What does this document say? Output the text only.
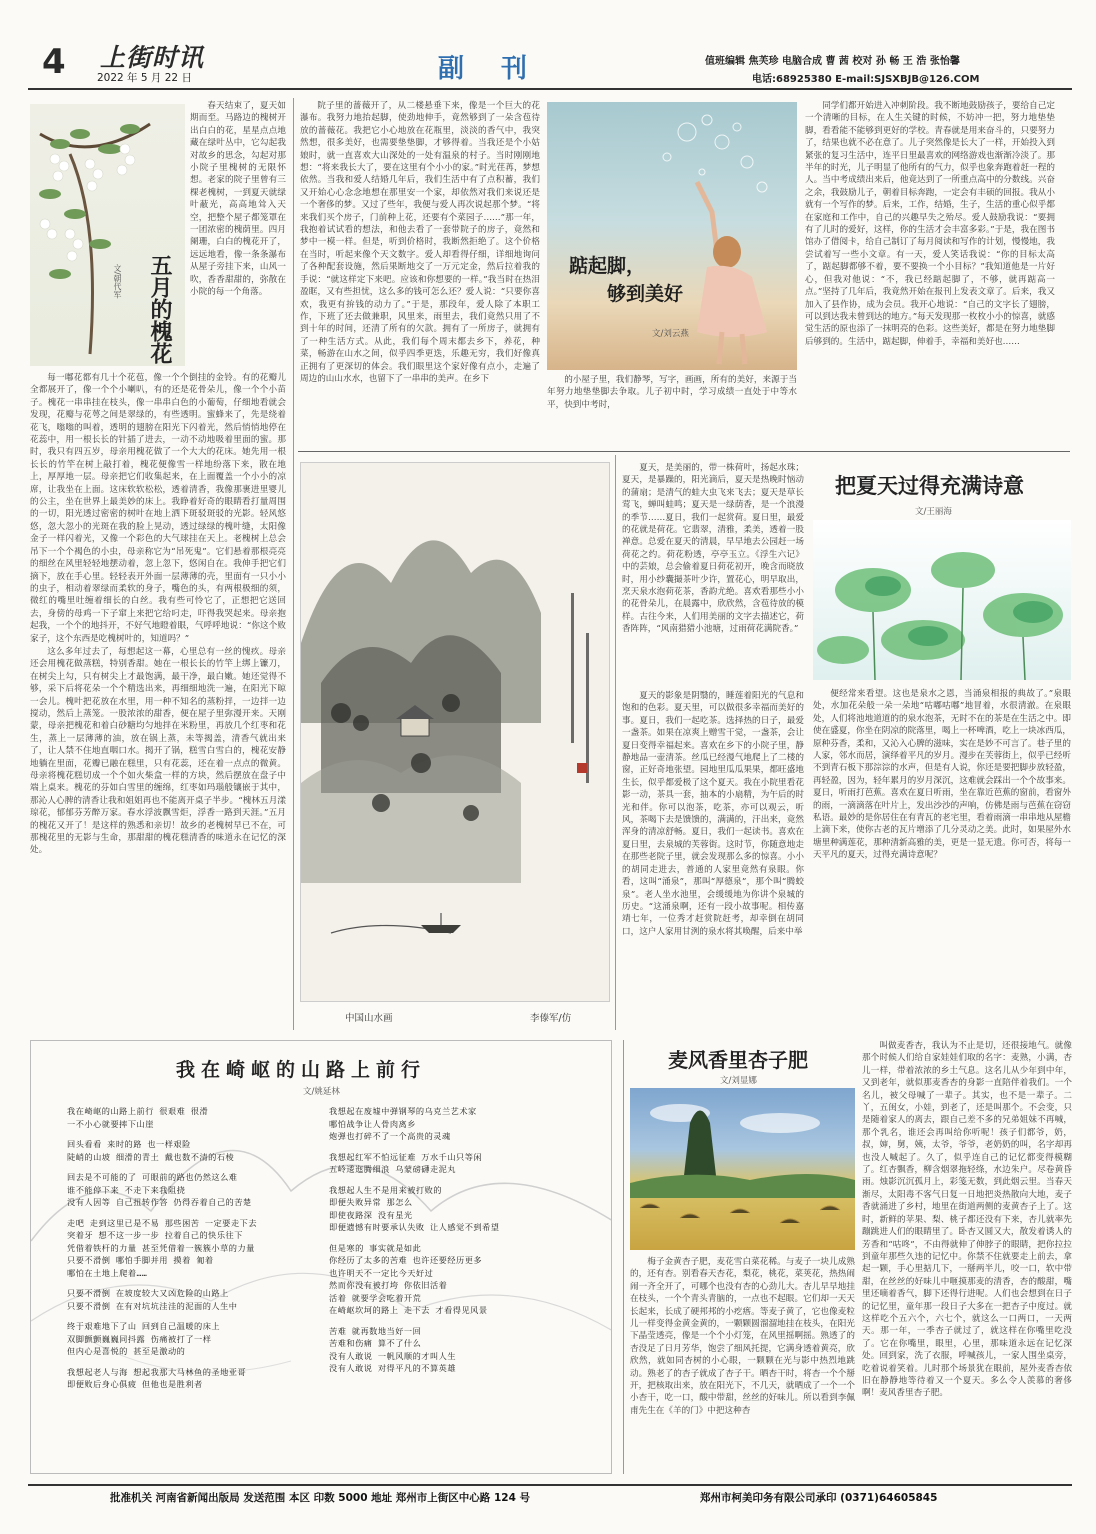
4 上街时讯
2022 年 5 月 22 日	副 刊	值班编辑 焦芙珍 电脑合成 曹 茜 校对 孙 畅 王 浩 张怡馨
电话:68925380 E-mail:SJSXBJB@126.COM
五月的槐花
文/朝代军

春天结束了，夏天如期而至。马路边的槐树开出白白的花，星星点点地藏在绿叶丛中，它勾起我对故乡的思念，勾起对那小院子里槐树的无限怀想。老家的院子里曾有三棵老槐树，一到夏天就绿叶蔽光，高高地耸入天空，把整个屋子都笼罩在一团浓密的槐荫里。四月阑珊，白白的槐花开了，远远地看，像一条条瀑布从屋子旁挂下来，山风一吹，香香甜甜的，弥散在小院的每一个角落。

每一嘟花都有几十个花苞，像一个个倒挂的金铃。有的花瓣儿全都展开了，像一个个小喇叭，有的还是花骨朵儿，像一个个小苗子。槐花一串串挂在枝头，像一串串白色的小葡萄，仔细地看就会发现，花瓣与花萼之间是翠绿的，有些透明。蜜蜂来了，先是绕着花飞，嗡嗡的叫着，透明的翅膀在阳光下闪着光，然后悄悄地停在花蕊中，用一根长长的针插了进去，一动不动地吸着里面的蜜。那时，我只有四五岁，母亲用槐花做了一个大大的花床。她先用一根长长的竹竿在树上敲打着，槐花便像雪一样地纷落下来，散在地上，厚厚地一层。母亲把它们收集起来，在上面覆盖一个小小的凉席，让我坐在上面。这床软软松松，透着清香，我像那裹进里婴儿的公主，坐在世界上最美妙的床上。我睁着好奇的眼睛看打量周围的一切，阳光透过密密的树叶在地上洒下斑驳斑驳的光影。轻风悠悠，忽大忽小的光斑在我的脸上晃动，透过绿绿的槐叶缝，太阳像金子一样闪着光，又像一个彩色的大气球挂在天上。老槐树上总会吊下一个个褐色的小虫，母亲称它为“吊死鬼”。它们悬着那根亮亮的细丝在风里轻轻地摆动着，忽上忽下，悠闲自在。我伸手把它们摘下，放在手心里。轻轻表开外面一层薄薄的壳，里面有一只小小的虫子，相动着翠绿而柔软的身子，嘴色的头，有两根极细的须，微红的嘴里吐缠着细长的白丝。我有些可怜它了，正想把它送回去，身傍的母鸡一下子窜上来把它给叼走，吓得我哭起来。母亲抱起我，一个个的地抖开，不好气地瞪着眼，气呼呼地说：“你这个败家子，这个东西是吃槐树叶的，知道吗？”

这么多年过去了，每想起这一幕，心里总有一丝的愧疚。母亲还会用槐花做蒸糕，特别香甜。她在一根长长的竹竿上绑上镰刀，在树尖上勾，只有树尖上才最饱满，最干净，最白嫩。她还觉得不够，采下后将花朵一个个精选出来，再细细地洗一遍，在阳光下晾一会儿。槐叶把花放在水里，用一种不知名的蒸粉拌，一边拌一边搅动，然后上蒸笼。一股浓浓的甜香，便在屋子里弥漫开来。天刚蒙，母亲把槐花和着白砂糖均匀地拌在米粉里，再放几个红枣和花生，蒸上一层薄薄的油，放在锅上蒸，未等揭盖，清香气就出来了，让人禁不住地直咽口水。揭开了锅，糕雪白雪白的，槐花安静地躺在里面，花瓣已融在糕里，只有花蕊，还在着一点点的微黄。母亲将槐花糕切成一个个如火柴盒一样的方块，然后摆放在盘子中端上桌来。槐花的芬如白雪里的缠绵，红枣如玛瑙般镶嵌于其中，那沁人心脾的清香让我和姐姐再也不能离开桌子半步。“槐林五月漾琼花，郁郁芬芳醉万家。春水浮波飘雪炬，浮香一路到天涯。”五月的槐花又开了！是这样的熟悉和亲切！故乡的老槐树早已不在，可那槐花里的无影与生命，那甜甜的槐花糕清香的味道永在记忆的深处。

院子里的蔷薇开了，从二楼悬垂下来，像是一个巨大的花瀑布。我努力地抬起脚，使劲地伸手，竟然够到了一朵含苞待放的蔷薇花。我把它小心地放在花瓶里，淡淡的香气中，我突然想，很多美好，也需要垫垫脚，才够得着。当我还是个小姑娘时，就一直喜欢大山深处的一处有温泉的村子。当时刚刚地想：“将来我长大了，要在这里有个小小的家。”时光荏苒，梦想依然。当我和爱人结婚几年后，我们生活中有了点积蓄，我们又开始心心念念地想在那里安一个家，却依然对我们来说还是一个奢侈的梦。又过了些年，我便与爱人再次说起那个梦。“将来我们买个房子，门前种上花，还要有个菜园子……”那一年，我抱着试试看的想法，和他去看了一套带院子的房子，竟然和梦中一模一样。但是，听到价格时，我断然拒绝了。这个价格在当时，听起来像个天文数字。爱人却看得仔细，详细地询问了各种配套设施，然后果断地交了一万元定金，然后拉着我的手说：“就这样定下来吧。应该和你想要的一样。”我当时在热泪盈眶，又有些担忧，这么多的钱可怎么还？爱人说：“只要你喜欢，我更有拚钱的动力了。”于是，那段年，爱人除了本职工作，下班了还去做兼职，风里来，雨里去，我们竟然只用了不到十年的时间，还清了所有的欠款。拥有了一所房子，就拥有了一种生活方式。从此，我们每个周末都去乡下，养花，种菜，畅游在山水之间，似乎四季更迭，乐趣无穷，我们好像真正拥有了更深切的体会。我们眼里这个家好像有点小，走遍了周边的山山水水，也留下了一串串的美声。在乡下

踮起脚，
够到美好
文/刘云燕

的小屋子里，我们静琴，写字，画画，所有的美好，来源于当年努力地垫垫脚去争取。儿子初中时，学习成绩一直处于中等水平，快到中考时，

同学们都开始进入冲刺阶段。我不断地鼓励孩子，要给自己定一个清晰的目标，在人生关键的时候，不妨冲一把，努力地垫垫脚，看看能不能够到更好的学校。青春就是用来奋斗的，只要努力了，结果也就不必在意了。儿子突然像是长大了一样，开始投入到紧张的复习生活中，连平日里最喜欢的网络游戏也渐渐冷淡了。那半年的时光，儿子明显了他所有的气力，似乎也象奔跑着赶一程的人。当中考成绩出来后，他竟达到了一所重点高中的分数线。兴奋之余，我鼓励儿子，朝着目标奔跑，一定会有丰硕的回报。我从小就有一个写作的梦。后来，工作，结婚，生子，生活的重心似乎都在家庭和工作中，自己的兴趣早失之殆尽。爱人鼓励我说：“要拥有了儿时的爱好，这样，你的生活才会丰富多彩。”于是，我在图书馆办了借阅卡，给自己制订了每月阅读和写作的计划，慢慢地，我尝试着写一些小文章。有一天，爱人笑话我说：“你的目标太高了，踮起脚都够不着，要不要换一个小目标？”我知道他是一片好心，但我对他说：“不，我已经踮起脚了，不够，就再踮高一点。”坚持了几年后，我竟然开始在报刊上发表文章了。后来，我又加入了县作协，成为会员。我开心地说：“自己的文字长了翅膀，可以到达我未曾到达的地方。”每天发现那一枚枚小小的惊喜，就感觉生活的原也添了一抹明亮的色彩。这些美好，都是在努力地垫脚后够到的。生活中，踮起脚，伸着手，幸福和美好也……

中国山水画	李傣军/仿

夏天，是美丽的，带一株荷叶，扬起水珠；夏天，是暴躁的，阳光滴后，夏天是热晚时恼动的蒲扇；是清气的蛙大虫飞来飞去；夏天是草长莺飞，蝉叫蛙鸣；夏天是一绿荫香，是一个浪漫的季节……夏日，我们一起赏荷。夏日里，最爱的花就是荷花。它翡翠，清雅，柔美，透着一股禅意。总爱在夏天的清晨，早早地去公园赶一场荷花之约。荷花粉透，亭亭玉立。《浮生六记》中的芸娘，总会偷着夏日荷花初开，晚含而晓放时，用小纱囊撮茶叶少许，置花心，明早取出，烹天泉水泡荷花茶，香韵尤绝。喜欢看那些小小的花骨朵儿，在晨露中，欣欣然，含苞待放的模样。古往今来，人们用美丽的文字去描述它，荷香阵阵，“风南猎猎小池塘，过雨荷花满院香。”

夏天的影象是阴翳的，睡莲着阳光的气息和饱和的色彩。夏天里，可以做很多幸福而美好的事。夏日，我们一起吃茶。选择热的日子，最爱一盏茶。如果在凉爽上赠雪干觉，一盏茶，会让夏日变得幸福起来。喜欢在乡下的小院子里，静静地品一壶清茶。丝瓜已经漫气地爬上了二楼的窗，正好奇地张望。园地里瓜瓜果果，都旺盛地生长，似乎都爱极了这个夏天。我在小院里看花影一动，茶具一套，抽本的小扇精，为午后的时光和伴。你可以泡茶，吃茶，亦可以观云，听风，茶喝下去是馈馈的，满满的，汗出来，竟然浑身的清凉舒畅。夏日，我们一起读书。喜欢在夏日里，去泉城的芙蓉街。这时节，你随意地走在那些老院子里，就会发现那么多的惊喜。小小的胡同走进去，普通的人家里竟然有泉眼。你看，这叫“涌泉”，那叫“厚德泉”，那个叫“腾蛟泉”。老人坐水池里，会缓缓地为你讲个泉城的历史。“这涌泉啊，还有一段小故事呢。相传嘉靖七年，一位秀才赶赏院赶考，却幸倒在胡同口，这户人家用甘洌的泉水将其唤醒，后来中举

把夏天过得充满诗意
文/王丽海

便经常来看望。这也是泉水之恩，当涌泉相报的典故了。”泉眼处，水加花朵般一朵一朵地“咕嘟咕嘟”地冒着，水很清澈。在泉眼处，人们将池地道道的的泉水泡茶，无时不在的茶是在生活之中。即使在盛夏，你坐在阴凉的院落里，喝上一杯啤酒，吃上一块冰西瓜，原种芬香，柔和，又沁入心脾的滋味，实在是妙不可言了。巷子里的人家，邻水而居，演绎着平凡的岁月。漫步在芙蓉街上，似乎已经听不到青石板下那淙淙的水声，但是有人说，你还是要把脚步放轻盈，再轻盈，因为，轻年累月的岁月深沉，这难就会踩出一个个故事来。夏日，听雨打芭蕉。喜欢在夏日听雨，坐在靠近芭蕉的窗前，看窗外的雨，一滴滴落在叶片上，发出沙沙的声响，仿佛是雨与芭蕉在窃窃私语。最妙的是你居住在有青瓦的老宅里，看着雨滴一串串地从屋檐上滴下来，使你古老的瓦片增添了几分灵动之美。此时，如果屋外水塘里种满莲花，那种清新高雅的美，更是一显无遗。你可否，将每一天平凡的夏天，过得充满诗意呢？

我在崎岖的山路上前行
文/姚延林
我在崎岖的山路上前行 很艰难 很滑
一不小心就要摔下山崖
回头看看 来时的路 也一样艰险
陡峭的山坡 细滑的青土 戴也数不清的石棱
回去是不可能的了 可眼前的路也仍然这么难
谁不能停下来 不走下来我阻挠
没有人因等 自己扭转作答 仍得吞着自己的苦楚
走吧 走到这里已是不易 那些困苦 一定要走下去
突着牙 想不这一步一步 拉着自己的快乐往下
凭借着铁杆的力量 甚至凭借着一簇簇小草的力量
只要不滑倒 哪怕手脚并用 摸着 匍着
哪怕在土地上爬着……
只要不滑倒 在坡度较大又凶危险的山路上
只要不滑倒 在有对坑坑洼洼的泥面的人生中
终于艰难地下了山 回到自己温暖的床上
双脚颤颤巍巍同抖露 伤痛被打了一样
但内心是喜悦的 甚至是激动的
我想起老人与海 想起我那大马林鱼的圣地亚哥
即便败后身心俱疲 但他也是胜利者
我想起在废墟中弹钢琴的乌克兰艺术家
哪怕战争让人骨肉离乡
炮弹也打碎不了一个高贵的灵魂
我想起红军不怕远征难 万水千山只等闲
五岭逶迤腾细浪 乌蒙磅礴走泥丸
我想起人生不是用来被打败的
即便失败异常 那怎么
即使夜路深 没有星光
即便遗憾有时要承认失败 让人感觉不到希望
但是寒的 事实就是如此
你经历了太多的苦难 也许还要经历更多
也许明天不一定比今天好过
然而你没有被打垮 你依旧活着
活着 就要学会吃着开荒
在崎岖坎坷的路上 走下去 才看得见风景
苦难 就再数地当好一回
苦难和伤痛 算不了什么
没有人敢说 一帆风顺的才叫人生
没有人敢说 对得平凡的不算英雄
麦风香里杏子肥
文/刘显娜

梅子金黄杏子肥，麦花雪白菜花稀。与麦子一块儿成熟的，还有杏。别看春天杏花，梨花，桃花，菜荚花，热热闹闹一齐全开了，可哪个也没有杏的心劲儿大。杏儿早早地挂在枝头，一个个青头青脑的，一点也不起眼。它们却一天天长起来，长成了硬邦邦的小疙瘩。等麦子黄了，它也像麦粒儿一样变得金黄金黄的，一颗颗圆溜溜地挂在枝头，在阳光下晶莹透亮，像是一个个小灯笼，在风里摇啊摇。熟透了的杏没足了日月芳华，饱尝了细风托提，它满身透着黄亮，欣欣然，就如同杏树的小心眼，一颗颗在光与影中热烈地跳动。熟老了的杏子就成了杏子干。晒杏干时，将杏一个个掰开，把核取出来，放在阳光下，不几天，就晒成了一个一个小杏干，吃一口，酸中带甜，丝丝的好味儿。所以看到李佩甫先生在《羊的门》中把这种杏

叫做麦香杏，我认为不止是切，还很接地气。就像那个时候人们给自家娃娃们取的名字：麦熟，小满，杏儿一样，带着浓浓的乡土气息。这名儿从少年到中年，又到老年，就似那麦香杏的身影一直陪伴着我们。一个名儿，被父母喊了一辈子。其实，也不是一辈子。二丫，五闺女，小娃，到老了，还是叫那个。不会变，只是随着家人的离去，跟自己差不多的兄弟姐妹不再喊，那个乳名，谁还会再叫给你听呢！孩子们都爷，奶，叔，婶，舅，姨，太爷，爷爷，老奶奶的叫，名字却再也没人喊起了。久了，似乎连自己的记忆都变得模糊了。红杏飘香，柳含烟翠拖轻绦，水边朱户。尽卷黄昏雨。烛影沉沉孤月上，彩笺无数，到此烟云里。当春天渐尽，太阳毒不客气日复一日地把炎热散向大地，麦子香就涌进了乡村，地里在街道两侧的麦黄杏子上了。这时，新鲜的苹果、梨、桃子都还没有下来，杏儿就率先蹦跳进人们的眼睛里了。卧杏又圆又大，散发着诱人的芳香和“咕咚”，不由得就伸了伸脖子的眼睛，把你拉拉到童年那些久违的记忆中。你禁不住就要走上前去，拿起一颗，手心里掂几下，一掰两半儿，咬一口，软中带甜，在丝丝的好味儿中咂摸那麦的清香，杏的酸甜，嘴里还嘀着香气，脚下还得行进呢。人们也会想到在日子的记忆里，童年那一段日子大多在一把杏子中度过。就这样吃个五六个，六七个，就这么一口两口，一天两天。那一年，一季杏子就过了，就这样在你嘴里吃没了。它在你嘴里，眼里，心里，那味道永远在记忆深处。回到家，洗了衣服，呼喊孩儿，一家人围坐桌旁，吃着说着笑着。儿时那个场景犹在眼前，屋外麦香杏依旧在静静地等待着又一个夏天。多么令人羡慕的奢侈啊！麦风香里杏子肥。

批准机关 河南省新闻出版局 发送范围 本区 印数 5000 地址 郑州市上街区中心路 124 号	郑州市柯美印务有限公司承印 (0371)64605845
